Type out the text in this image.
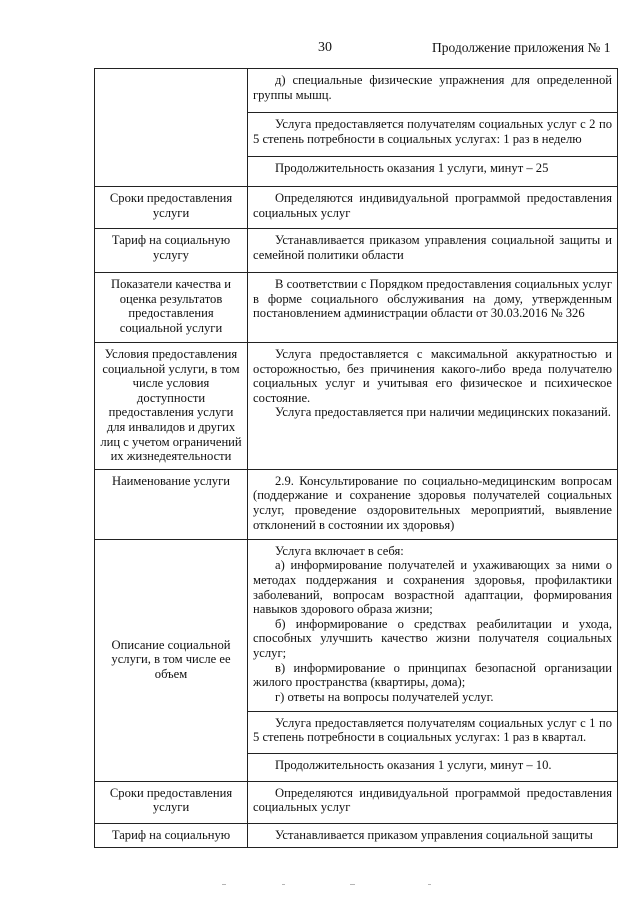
30	Продолжение приложения № 1

	д) специальные физические упражнения для определенной группы мышц.

	Услуга предоставляется получателям социальных услуг с 2 по 5 степень потребности в социальных услугах: 1 раз в неделю

	Продолжительность оказания 1 услуги, минут – 25

Сроки предоставления услуги	Определяются индивидуальной программой предоставления социальных услуг

Тариф на социальную услугу	Устанавливается приказом управления социальной защиты и семейной политики области

Показатели качества и оценка результатов предоставления социальной услуги	В соответствии с Порядком предоставления социальных услуг в форме социального обслуживания на дому, утвержденным постановлением администрации области от 30.03.2016 № 326

Условия предоставления социальной услуги, в том числе условия доступности предоставления услуги для инвалидов и других лиц с учетом ограничений их жизнедеятельности	Услуга предоставляется с максимальной аккуратностью и осторожностью, без причинения какого-либо вреда получателю социальных услуг и учитывая его физическое и психическое состояние.

Услуга предоставляется при наличии медицинских показаний.

Наименование услуги	2.9. Консультирование по социально-медицинским вопросам (поддержание и сохранение здоровья получателей социальных услуг, проведение оздоровительных мероприятий, выявление отклонений в состоянии их здоровья)

Описание социальной услуги, в том числе ее объем	Услуга включает в себя:

а) информирование получателей и ухаживающих за ними о методах поддержания и сохранения здоровья, профилактики заболеваний, вопросам возрастной адаптации, формирования навыков здорового образа жизни;

б) информирование о средствах реабилитации и ухода, способных улучшить качество жизни получателя социальных услуг;

в) информирование о принципах безопасной организации жилого пространства (квартиры, дома);

г) ответы на вопросы получателей услуг.

	Услуга предоставляется получателям социальных услуг с 1 по 5 степень потребности в социальных услугах: 1 раз в квартал.

	Продолжительность оказания 1 услуги, минут – 10.

Сроки предоставления услуги	Определяются индивидуальной программой предоставления социальных услуг

Тариф на социальную	Устанавливается приказом управления социальной защиты
